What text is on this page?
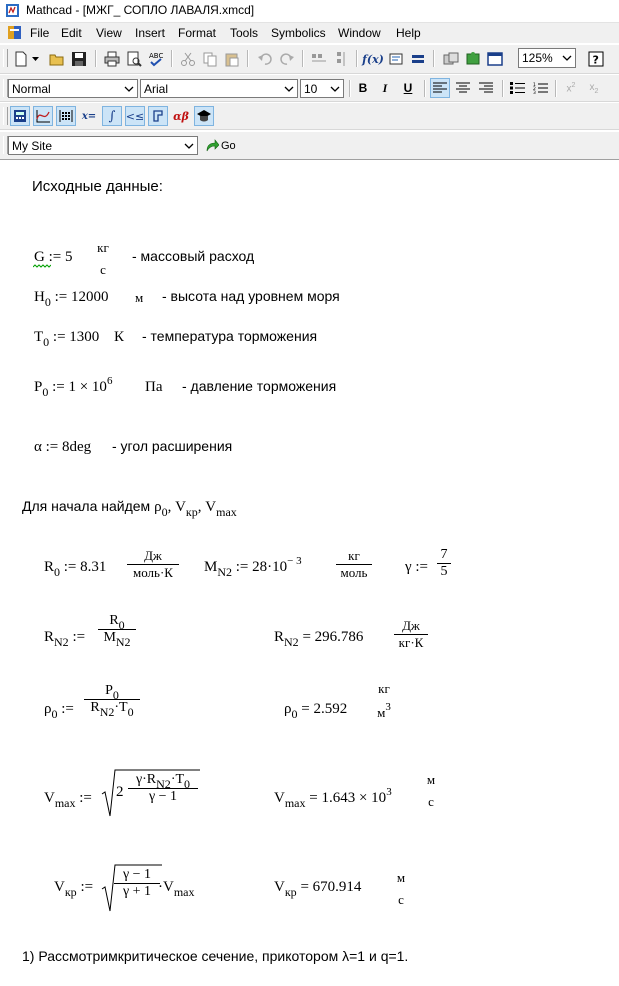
Mathcad - [МЖГ_ СОПЛО ЛАВАЛЯ.xmcd]
File Edit View Insert Format Tools Symbolics Window Help
ABC	f(x)	125%	?
Normal	Arial	10	B	I	U	1
2
3	$x^2$ $x_2$
x= ∫ <≤	αβ
My Site	Go
Исходные данные:
G := 5
кг
с
- массовый расход
$H_0$ := 12000 м - высота над уровнем моря
$T_0$ := 1300 К - температура торможения
$P_0$ := $1 \times 10^6$ Па - давление торможения
α := 8deg - угол расширения
Для начала найдем ρ0, Vкр, Vmax
$R_0$ := 8.31
Дж
моль·К	$M_{N2}$ := $28\cdot 10^{- 3}$	кг
моль	γ := $\frac{7}{5}$
$R_{N2}$ := $\frac{R0}{MN2}$	$R_{N2} = 296.786$
Дж
кг·К
$\rho_0$ := $\frac{P0}{RN2\cdot T0}$	$\rho_0 = 2.592$
кг
$м^3$
$V_{max}$ := $2 \frac{\gamma\cdot RN2\cdot T0}{\gamma - 1}$	$V_{max} = 1.643 \times 10^3$
м
с
$V_{кр}$ := $\frac{\gamma - 1}{\gamma + 1}$
$\cdot V_{max}$	$V_{кр} = 670.914$
м
с
1) Рассмотримкритическое сечение, прикотором λ=1 и q=1.
